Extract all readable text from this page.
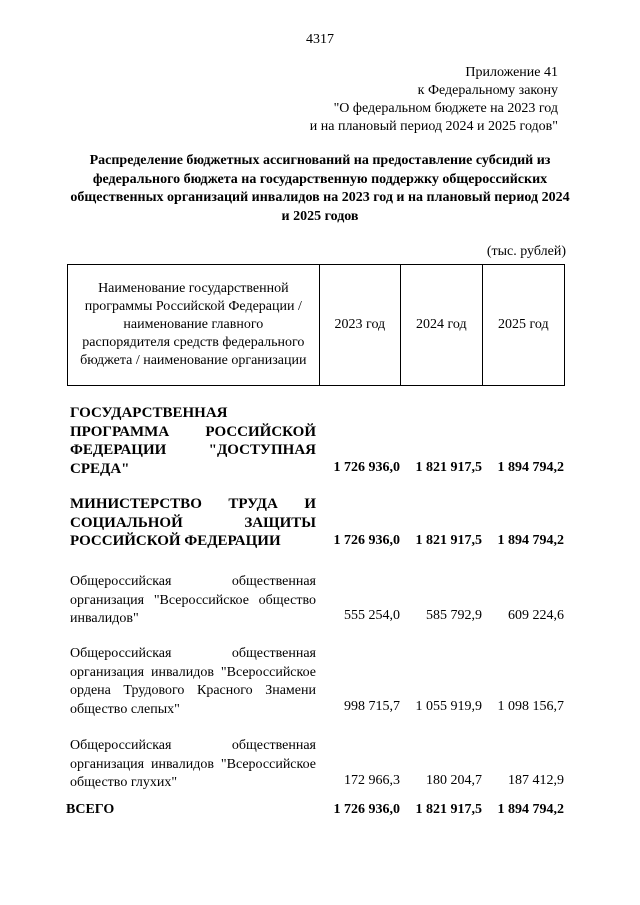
4317
Приложение 41
к Федеральному закону
"О федеральном бюджете на 2023 год
и на плановый период 2024 и 2025 годов"
Распределение бюджетных ассигнований на предоставление субсидий из федерального бюджета на государственную поддержку общероссийских общественных организаций инвалидов на 2023 год и на плановый период 2024 и 2025 годов
(тыс. рублей)
Наименование государственной программы Российской Федерации / наименование главного распорядителя средств федерального бюджета / наименование организации
	2023 год	2024 год	2025 год
ГОСУДАРСТВЕННАЯ ПРОГРАММА РОССИЙСКОЙ ФЕДЕРАЦИИ "ДОСТУПНАЯ СРЕДА"	1 726 936,0 1 821 917,5 1 894 794,2
МИНИСТЕРСТВО ТРУДА И СОЦИАЛЬНОЙ ЗАЩИТЫ РОССИЙСКОЙ ФЕДЕРАЦИИ	1 726 936,0 1 821 917,5 1 894 794,2
Общероссийская общественная организация "Всероссийское общество инвалидов"	555 254,0 585 792,9 609 224,6
Общероссийская общественная организация инвалидов "Всероссийское ордена Трудового Красного Знамени общество слепых"	998 715,7 1 055 919,9 1 098 156,7
Общероссийская общественная организация инвалидов "Всероссийское общество глухих"	172 966,3 180 204,7 187 412,9
ВСЕГО	1 726 936,0 1 821 917,5 1 894 794,2
